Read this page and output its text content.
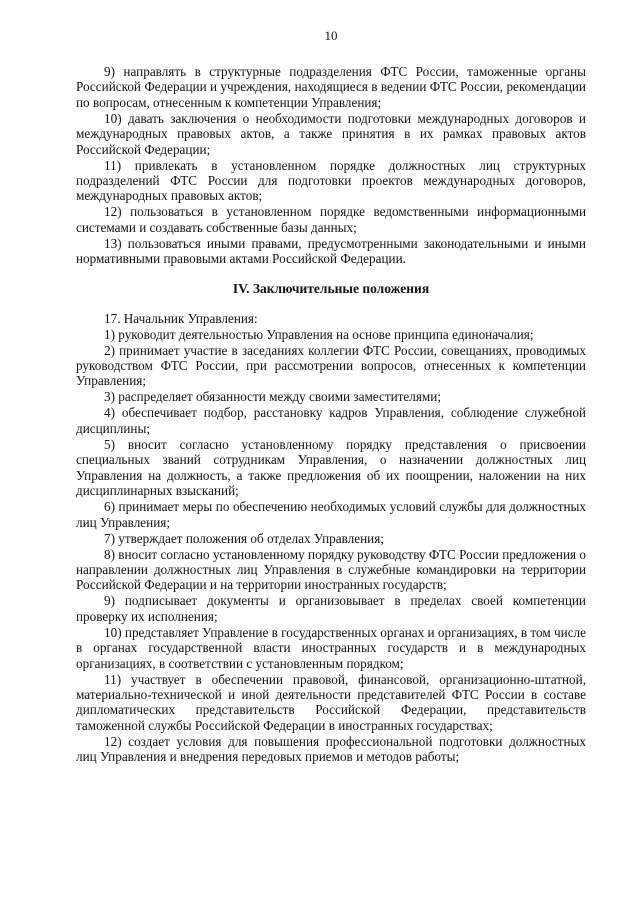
10

9) направлять в структурные подразделения ФТС России, таможенные органы Российской Федерации и учреждения, находящиеся в ведении ФТС России, рекомендации по вопросам, отнесенным к компетенции Управления;

10) давать заключения о необходимости подготовки международных договоров и международных правовых актов, а также принятия в их рамках правовых актов Российской Федерации;

11) привлекать в установленном порядке должностных лиц структурных подразделений ФТС России для подготовки проектов международных договоров, международных правовых актов;

12) пользоваться в установленном порядке ведомственными информационными системами и создавать собственные базы данных;

13) пользоваться иными правами, предусмотренными законодательными и иными нормативными правовыми актами Российской Федерации.

IV. Заключительные положения

17. Начальник Управления:

1) руководит деятельностью Управления на основе принципа единоначалия;

2) принимает участие в заседаниях коллегии ФТС России, совещаниях, проводимых руководством ФТС России, при рассмотрении вопросов, отнесенных к компетенции Управления;

3) распределяет обязанности между своими заместителями;

4) обеспечивает подбор, расстановку кадров Управления, соблюдение служебной дисциплины;

5) вносит согласно установленному порядку представления о присвоении специальных званий сотрудникам Управления, о назначении должностных лиц Управления на должность, а также предложения об их поощрении, наложении на них дисциплинарных взысканий;

6) принимает меры по обеспечению необходимых условий службы для должностных лиц Управления;

7) утверждает положения об отделах Управления;

8) вносит согласно установленному порядку руководству ФТС России предложения о направлении должностных лиц Управления в служебные командировки на территории Российской Федерации и на территории иностранных государств;

9) подписывает документы и организовывает в пределах своей компетенции проверку их исполнения;

10) представляет Управление в государственных органах и организациях, в том числе в органах государственной власти иностранных государств и в международных организациях, в соответствии с установленным порядком;

11) участвует в обеспечении правовой, финансовой, организационно-штатной, материально-технической и иной деятельности представителей ФТС России в составе дипломатических представительств Российской Федерации, представительств таможенной службы Российской Федерации в иностранных государствах;

12) создает условия для повышения профессиональной подготовки должностных лиц Управления и внедрения передовых приемов и методов работы;
